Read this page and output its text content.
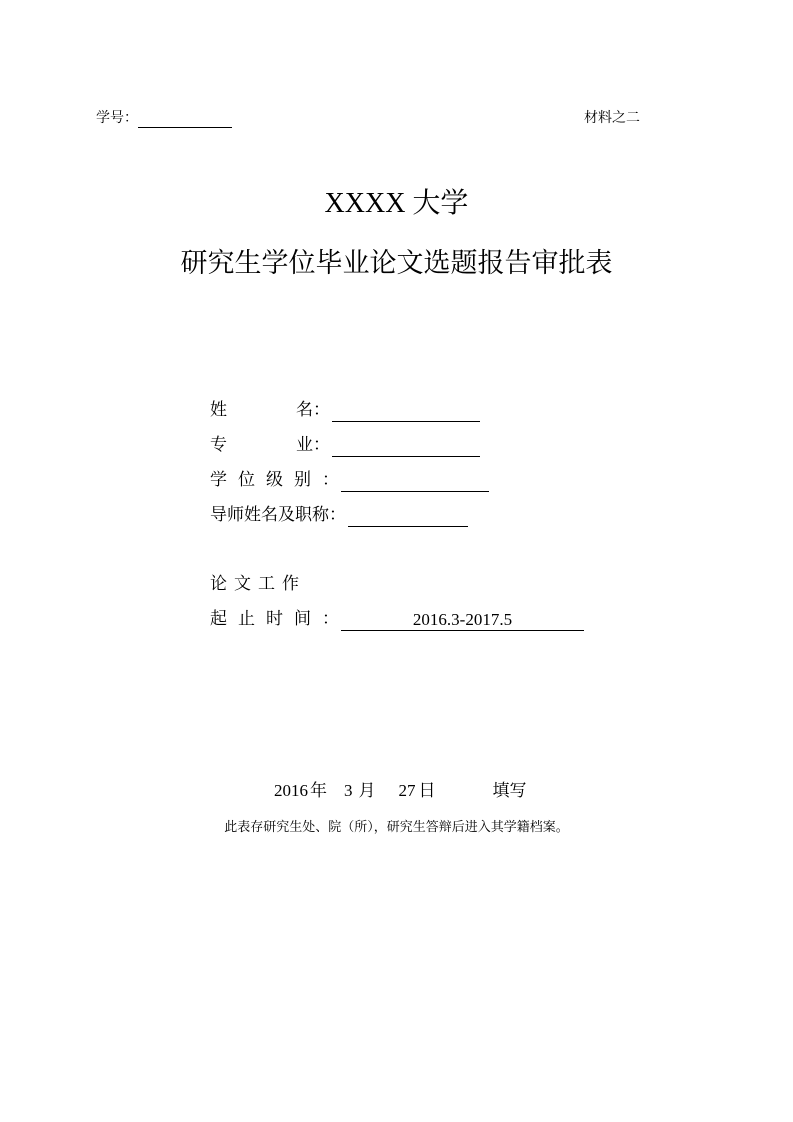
学号：	材料之二
XXXX 大学
研究生学位毕业论文选题报告审批表
姓	名：
专	业：
学位级别：
导师姓名及职称：
论文工作
起止时间：	2016.3-2017.5
2016 年 3 月 27 日	填写
此表存研究生处、院（所），研究生答辩后进入其学籍档案。
